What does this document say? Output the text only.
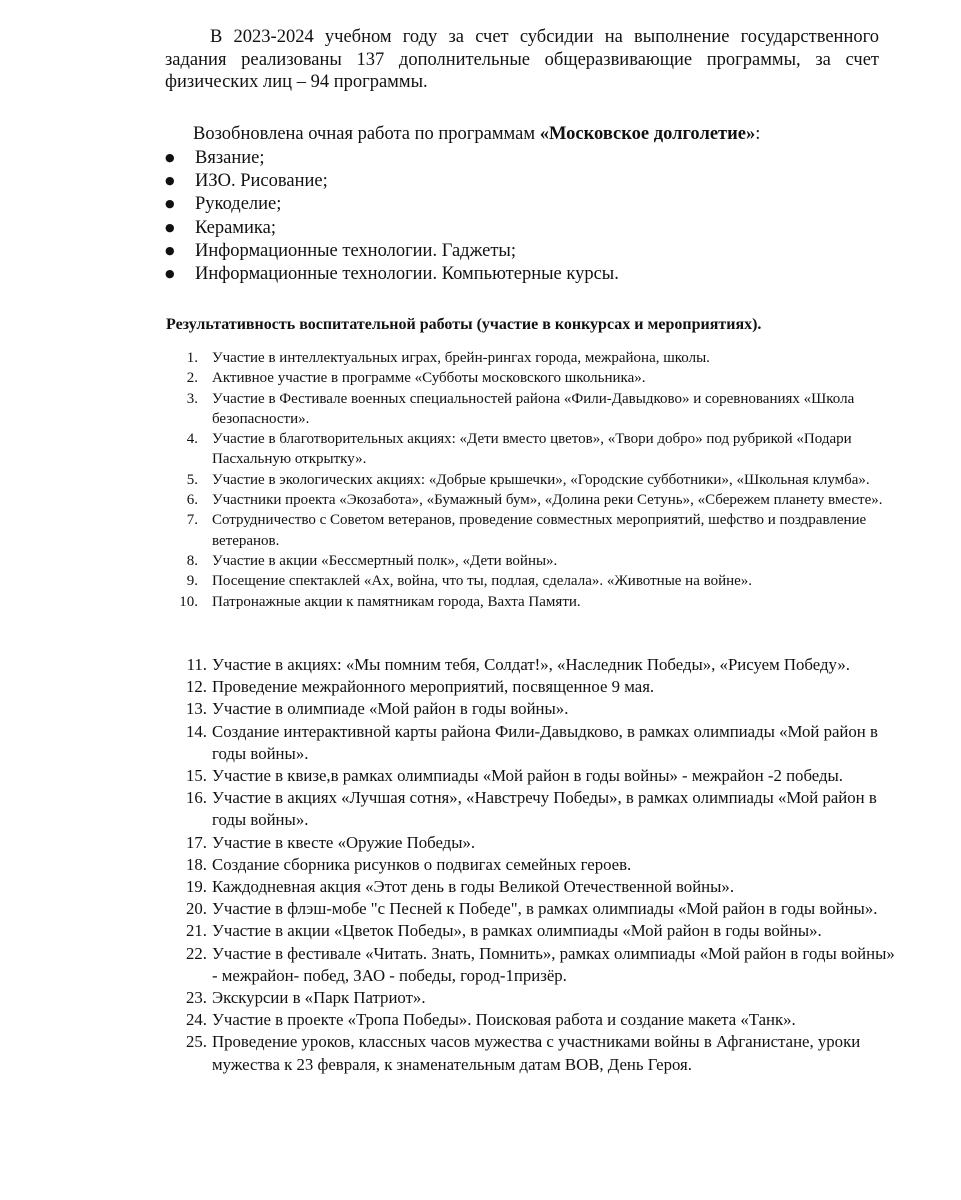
В 2023-2024 учебном году за счет субсидии на выполнение государственного задания реализованы 137 дополнительные общеразвивающие программы, за счет физических лиц – 94 программы.

Возобновлена очная работа по программам «Московское долголетие»:

● Вязание;
● ИЗО. Рисование;
● Рукоделие;
● Керамика;
● Информационные технологии. Гаджеты;
● Информационные технологии. Компьютерные курсы.

Результативность воспитательной работы (участие в конкурсах и мероприятиях).

1. Участие в интеллектуальных играх, брейн-рингах города, межрайона, школы.
2. Активное участие в программе «Субботы московского школьника».
3. Участие в Фестивале военных специальностей района «Фили-Давыдково» и соревнованиях «Школа безопасности».
4. Участие в благотворительных акциях: «Дети вместо цветов», «Твори добро» под рубрикой «Подари Пасхальную открытку».
5. Участие в экологических акциях: «Добрые крышечки», «Городские субботники», «Школьная клумба».
6. Участники проекта «Экозабота», «Бумажный бум», «Долина реки Сетунь», «Сбережем планету вместе».
7. Сотрудничество с Советом ветеранов, проведение совместных мероприятий, шефство и поздравление ветеранов.
8. Участие в акции «Бессмертный полк», «Дети войны».
9. Посещение спектаклей «Ах, война, что ты, подлая, сделала». «Животные на войне».
10. Патронажные акции к памятникам города, Вахта Памяти.
11. Участие в акциях: «Мы помним тебя, Солдат!», «Наследник Победы», «Рисуем Победу».
12. Проведение межрайонного мероприятий, посвященное 9 мая.
13. Участие в олимпиаде «Мой район в годы войны».
14. Создание интерактивной карты района Фили-Давыдково, в рамках олимпиады «Мой район в годы войны».
15. Участие в квизе,в рамках олимпиады «Мой район в годы войны» - межрайон -2 победы.
16. Участие в акциях «Лучшая сотня», «Навстречу Победы», в рамках олимпиады «Мой район в годы войны».
17. Участие в квесте «Оружие Победы».
18. Создание сборника рисунков о подвигах семейных героев.
19. Каждодневная акция «Этот день в годы Великой Отечественной войны».
20. Участие в флэш-мобе "с Песней к Победе", в рамках олимпиады «Мой район в годы войны».
21. Участие в акции «Цветок Победы», в рамках олимпиады «Мой район в годы войны».
22. Участие в фестивале «Читать. Знать, Помнить», рамках олимпиады «Мой район в годы войны» - межрайон- побед, ЗАО - победы, город-1призёр.
23. Экскурсии в «Парк Патриот».
24. Участие в проекте «Тропа Победы». Поисковая работа и создание макета «Танк».
25. Проведение уроков, классных часов мужества с участниками войны в Афганистане, уроки мужества к 23 февраля, к знаменательным датам ВОВ, День Героя.
